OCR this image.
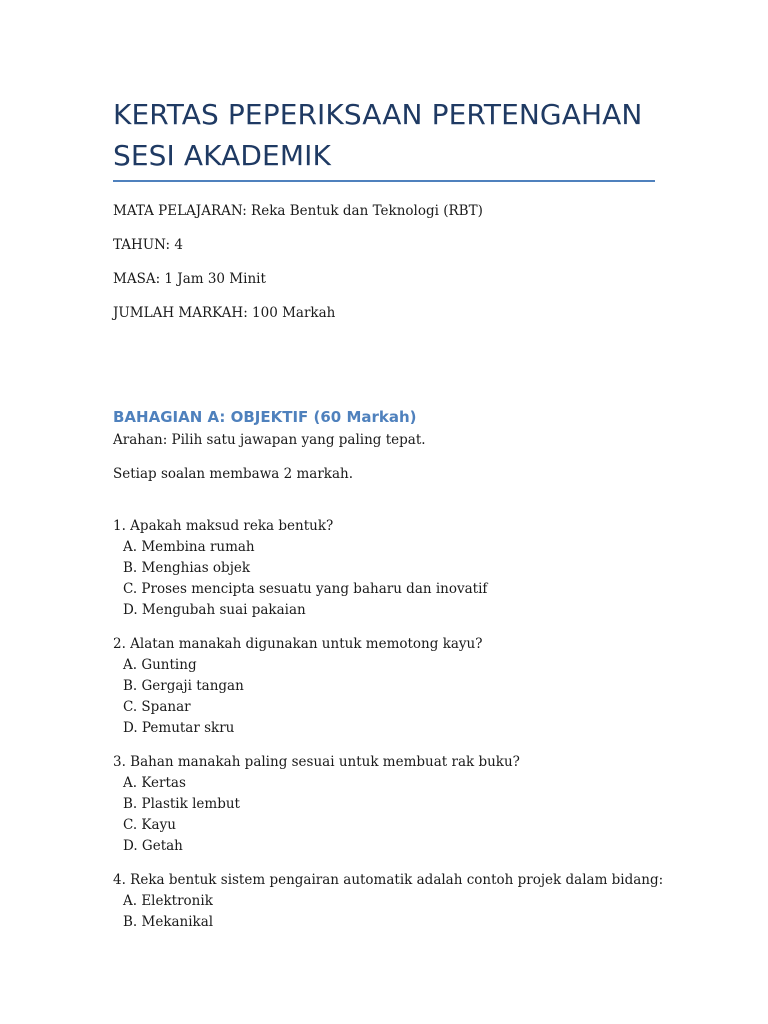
KERTAS PEPERIKSAAN PERTENGAHAN
SESI AKADEMIK

MATA PELAJARAN: Reka Bentuk dan Teknologi (RBT)

TAHUN: 4

MASA: 1 Jam 30 Minit

JUMLAH MARKAH: 100 Markah

BAHAGIAN A: OBJEKTIF (60 Markah)

Arahan: Pilih satu jawapan yang paling tepat.

Setiap soalan membawa 2 markah.

1. Apakah maksud reka bentuk?
A. Membina rumah
B. Menghias objek
C. Proses mencipta sesuatu yang baharu dan inovatif
D. Mengubah suai pakaian
2. Alatan manakah digunakan untuk memotong kayu?
A. Gunting
B. Gergaji tangan
C. Spanar
D. Pemutar skru
3. Bahan manakah paling sesuai untuk membuat rak buku?
A. Kertas
B. Plastik lembut
C. Kayu
D. Getah
4. Reka bentuk sistem pengairan automatik adalah contoh projek dalam bidang:
A. Elektronik
B. Mekanikal
